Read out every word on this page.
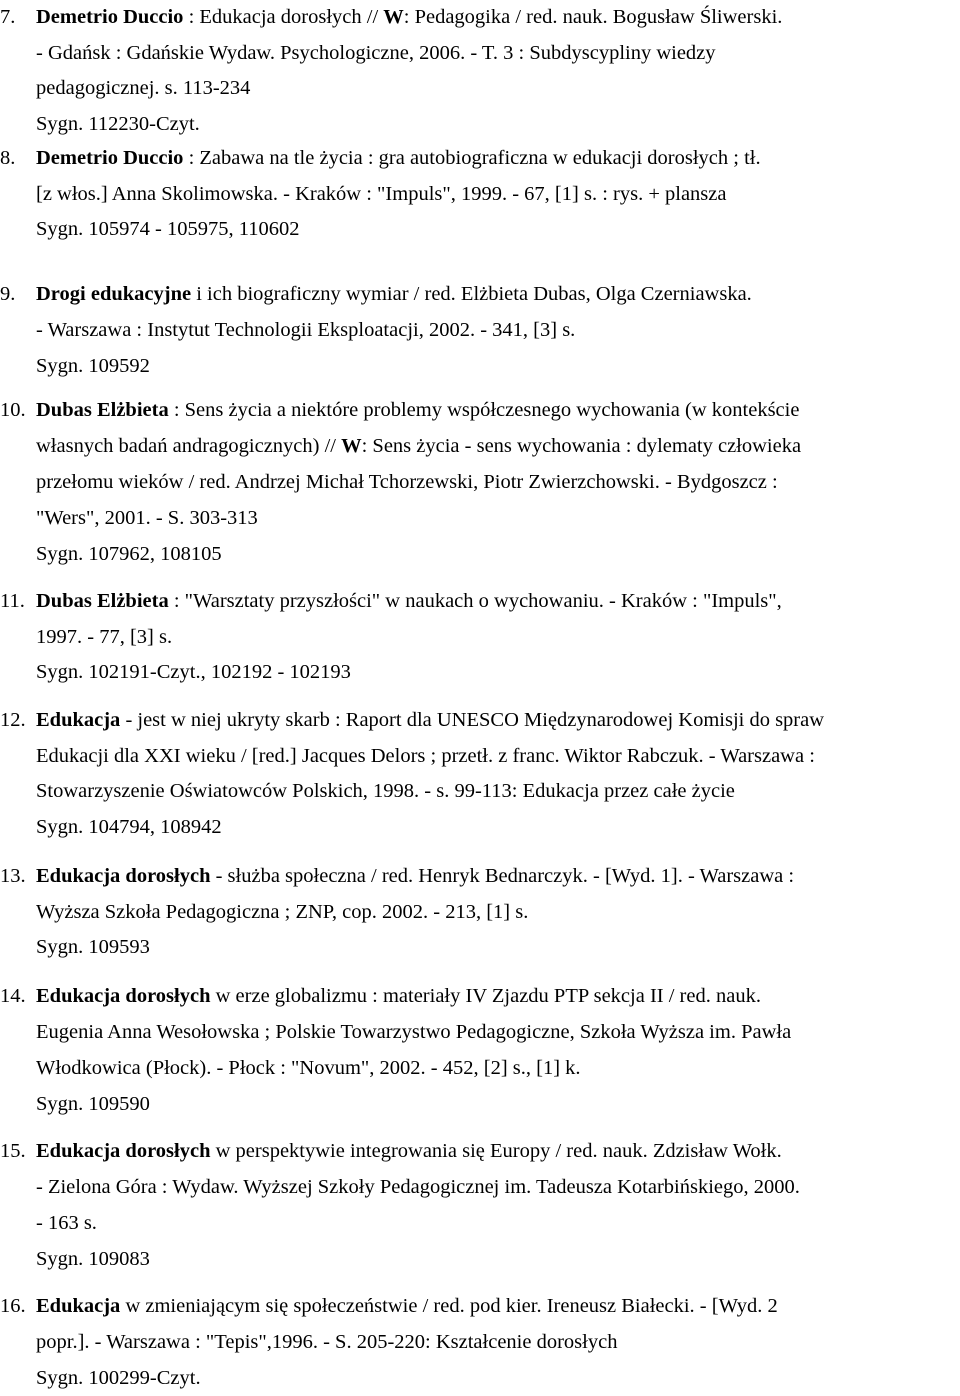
7.	Demetrio Duccio : Edukacja dorosłych // W: Pedagogika / red. nauk. Bogusław Śliwerski.
- Gdańsk : Gdańskie Wydaw. Psychologiczne, 2006. - T. 3 : Subdyscypliny wiedzy
pedagogicznej. s. 113-234
Sygn. 112230-Czyt.
8.	Demetrio Duccio : Zabawa na tle życia : gra autobiograficzna w edukacji dorosłych ; tł.
[z włos.] Anna Skolimowska. - Kraków : "Impuls", 1999. - 67, [1] s. : rys. + plansza
Sygn. 105974 - 105975, 110602
9.	Drogi edukacyjne i ich biograficzny wymiar / red. Elżbieta Dubas, Olga Czerniawska.
- Warszawa : Instytut Technologii Eksploatacji, 2002. - 341, [3] s.
Sygn. 109592
10. Dubas Elżbieta : Sens życia a niektóre problemy współczesnego wychowania (w kontekście
własnych badań andragogicznych) // W: Sens życia - sens wychowania : dylematy człowieka
przełomu wieków / red. Andrzej Michał Tchorzewski, Piotr Zwierzchowski. - Bydgoszcz :
"Wers", 2001. - S. 303-313
Sygn. 107962, 108105
11. Dubas Elżbieta : "Warsztaty przyszłości" w naukach o wychowaniu. - Kraków : "Impuls",
1997. - 77, [3] s.
Sygn. 102191-Czyt., 102192 - 102193
12. Edukacja - jest w niej ukryty skarb : Raport dla UNESCO Międzynarodowej Komisji do spraw
Edukacji dla XXI wieku / [red.] Jacques Delors ; przetł. z franc. Wiktor Rabczuk. - Warszawa :
Stowarzyszenie Oświatowców Polskich, 1998. - s. 99-113: Edukacja przez całe życie
Sygn. 104794, 108942
13. Edukacja dorosłych - służba społeczna / red. Henryk Bednarczyk. - [Wyd. 1]. - Warszawa :
Wyższa Szkoła Pedagogiczna ; ZNP, cop. 2002. - 213, [1] s.
Sygn. 109593
14. Edukacja dorosłych w erze globalizmu : materiały IV Zjazdu PTP sekcja II / red. nauk.
Eugenia Anna Wesołowska ; Polskie Towarzystwo Pedagogiczne, Szkoła Wyższa im. Pawła
Włodkowica (Płock). - Płock : "Novum", 2002. - 452, [2] s., [1] k.
Sygn. 109590
15. Edukacja dorosłych w perspektywie integrowania się Europy / red. nauk. Zdzisław Wołk.
- Zielona Góra : Wydaw. Wyższej Szkoły Pedagogicznej im. Tadeusza Kotarbińskiego, 2000.
- 163 s.
Sygn. 109083
16. Edukacja w zmieniającym się społeczeństwie / red. pod kier. Ireneusz Białecki. - [Wyd. 2
popr.]. - Warszawa : "Tepis",1996. - S. 205-220: Kształcenie dorosłych
Sygn. 100299-Czyt.
